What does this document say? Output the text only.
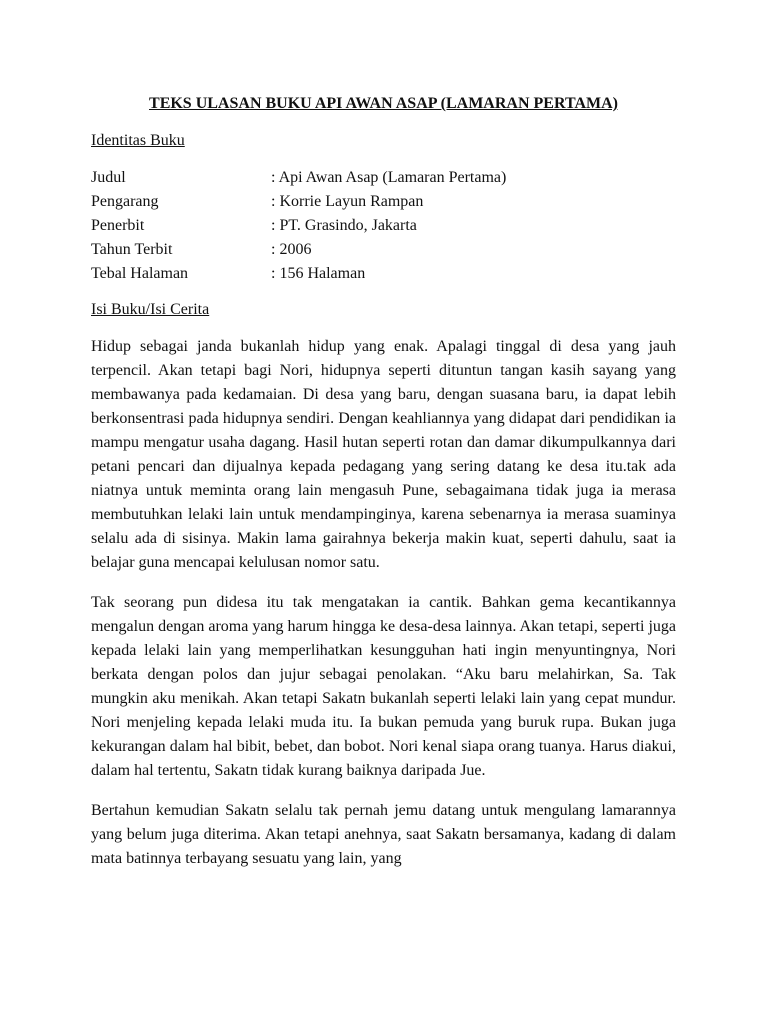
TEKS ULASAN BUKU API AWAN ASAP (LAMARAN PERTAMA)
Identitas Buku
Judul	: Api Awan Asap (Lamaran Pertama)
Pengarang	: Korrie Layun Rampan
Penerbit	: PT. Grasindo, Jakarta
Tahun Terbit	: 2006
Tebal Halaman	: 156 Halaman
Isi Buku/Isi Cerita

Hidup sebagai janda bukanlah hidup yang enak. Apalagi tinggal di desa yang jauh terpencil. Akan tetapi bagi Nori, hidupnya seperti dituntun tangan kasih sayang yang membawanya pada kedamaian. Di desa yang baru, dengan suasana baru, ia dapat lebih berkonsentrasi pada hidupnya sendiri. Dengan keahliannya yang didapat dari pendidikan ia mampu mengatur usaha dagang. Hasil hutan seperti rotan dan damar dikumpulkannya dari petani pencari dan dijualnya kepada pedagang yang sering datang ke desa itu.tak ada niatnya untuk meminta orang lain mengasuh Pune, sebagaimana tidak juga ia merasa membutuhkan lelaki lain untuk mendampinginya, karena sebenarnya ia merasa suaminya selalu ada di sisinya. Makin lama gairahnya bekerja makin kuat, seperti dahulu, saat ia belajar guna mencapai kelulusan nomor satu.

Tak seorang pun didesa itu tak mengatakan ia cantik. Bahkan gema kecantikannya mengalun dengan aroma yang harum hingga ke desa-desa lainnya. Akan tetapi, seperti juga kepada lelaki lain yang memperlihatkan kesungguhan hati ingin menyuntingnya, Nori berkata dengan polos dan jujur sebagai penolakan. “Aku baru melahirkan, Sa. Tak mungkin aku menikah. Akan tetapi Sakatn bukanlah seperti lelaki lain yang cepat mundur. Nori menjeling kepada lelaki muda itu. Ia bukan pemuda yang buruk rupa. Bukan juga kekurangan dalam hal bibit, bebet, dan bobot. Nori kenal siapa orang tuanya. Harus diakui, dalam hal tertentu, Sakatn tidak kurang baiknya daripada Jue.

Bertahun kemudian Sakatn selalu tak pernah jemu datang untuk mengulang lamarannya yang belum juga diterima. Akan tetapi anehnya, saat Sakatn bersamanya, kadang di dalam mata batinnya terbayang sesuatu yang lain, yang
